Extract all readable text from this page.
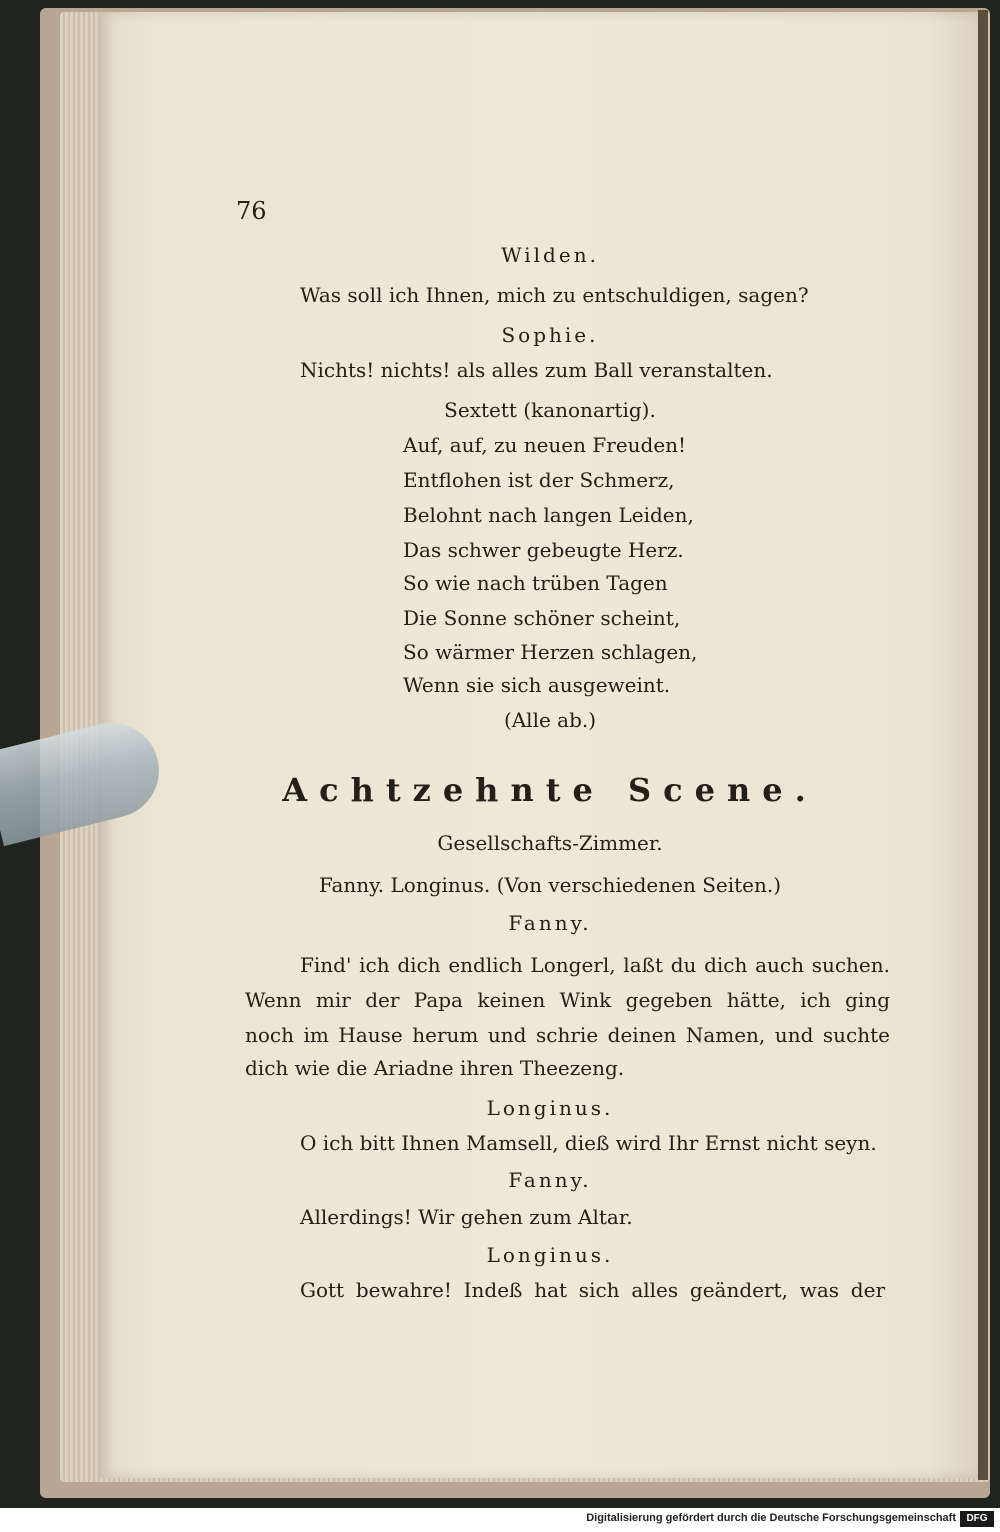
76

Wilden.

Was soll ich Ihnen, mich zu entschuldigen, sagen?

Sophie.

Nichts! nichts! als alles zum Ball veranstalten.

Sextett (kanonartig).

Auf, auf, zu neuen Freuden!

Entflohen ist der Schmerz,

Belohnt nach langen Leiden,

Das schwer gebeugte Herz.

So wie nach trüben Tagen

Die Sonne schöner scheint,

So wärmer Herzen schlagen,

Wenn sie sich ausgeweint.

(Alle ab.)

Achtzehnte Scene.

Gesellschafts-Zimmer.

Fanny. Longinus. (Von verschiedenen Seiten.)

Fanny.

Find' ich dich endlich Longerl, laßt du dich auch suchen.

Wenn mir der Papa keinen Wink gegeben hätte, ich ging

noch im Hause herum und schrie deinen Namen, und suchte

dich wie die Ariadne ihren Theezeng.

Longinus.

O ich bitt Ihnen Mamsell, dieß wird Ihr Ernst nicht seyn.

Fanny.

Allerdings! Wir gehen zum Altar.

Longinus.

Gott bewahre! Indeß hat sich alles geändert, was der

Digitalisierung gefördert durch die Deutsche Forschungsgemeinschaft	DFG
